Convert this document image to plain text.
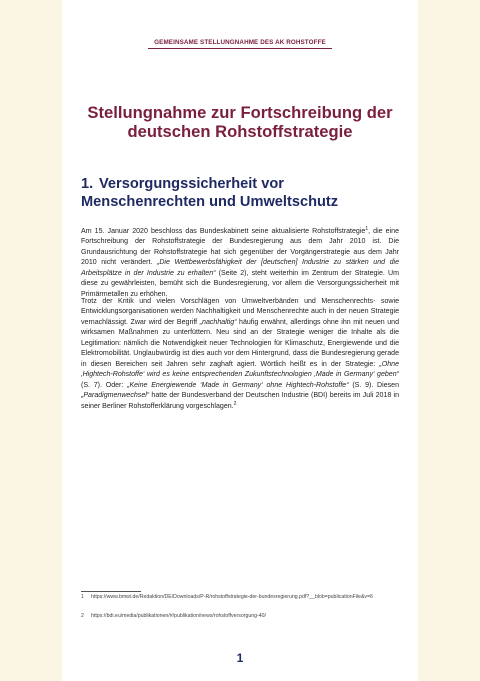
GEMEINSAME STELLUNGNAHME DES AK ROHSTOFFE
Stellungnahme zur Fortschreibung der
deutschen Rohstoffstrategie
1. Versorgungssicherheit vor
Menschenrechten und Umweltschutz

Am 15. Januar 2020 beschloss das Bundeskabinett seine aktualisierte Rohstoffstrategie$^1$, die eine Fortschreibung der Rohstoffstrategie der Bundesregierung aus dem Jahr 2010 ist. Die Grundausrichtung der Rohstoffstrategie hat sich gegenüber der Vorgängerstrategie aus dem Jahr 2010 nicht verändert. „Die Wettbewerbsfähigkeit der [deutschen] Industrie zu stärken und die Arbeitsplätze in der Industrie zu erhalten“ (Seite 2), steht weiterhin im Zentrum der Strategie. Um diese zu gewährleisten, bemüht sich die Bundesregierung, vor allem die Versorgungssicherheit mit Primärmetallen zu erhöhen.

Trotz der Kritik und vielen Vorschlägen von Umweltverbänden und Menschenrechts- sowie Entwicklungsorganisationen werden Nachhaltigkeit und Menschenrechte auch in der neuen Strategie vernachlässigt. Zwar wird der Begriff „nachhaltig“ häufig erwähnt, allerdings ohne ihn mit neuen und wirksamen Maßnahmen zu unterfüttern. Neu sind an der Strategie weniger die Inhalte als die Legitimation: nämlich die Notwendigkeit neuer Technologien für Klimaschutz, Energiewende und die Elektromobilität. Unglaubwürdig ist dies auch vor dem Hintergrund, dass die Bundesregierung gerade in diesen Bereichen seit Jahren sehr zaghaft agiert. Wörtlich heißt es in der Strategie: „Ohne ‚Hightech-Rohstoffe‘ wird es keine entsprechenden Zukunftstechnologien ‚Made in Germany‘ geben“ (S. 7). Oder: „Keine Energiewende ‘Made in Germany‘ ohne Hightech-Rohstoffe“ (S. 9). Diesen „Paradigmenwechsel“ hatte der Bundesverband der Deutschen Industrie (BDI) bereits im Juli 2018 in seiner Berliner Rohstofferklärung vorgeschlagen.$^2$

1 https://www.bmwi.de/Redaktion/DE/Downloads/P-R/rohstoffstrategie-der-bundesregierung.pdf?__blob=publicationFile&v=6
2 https://bdi.eu/media/publikationen/#/publikation/news/rohstoffversorgung-40/
1
